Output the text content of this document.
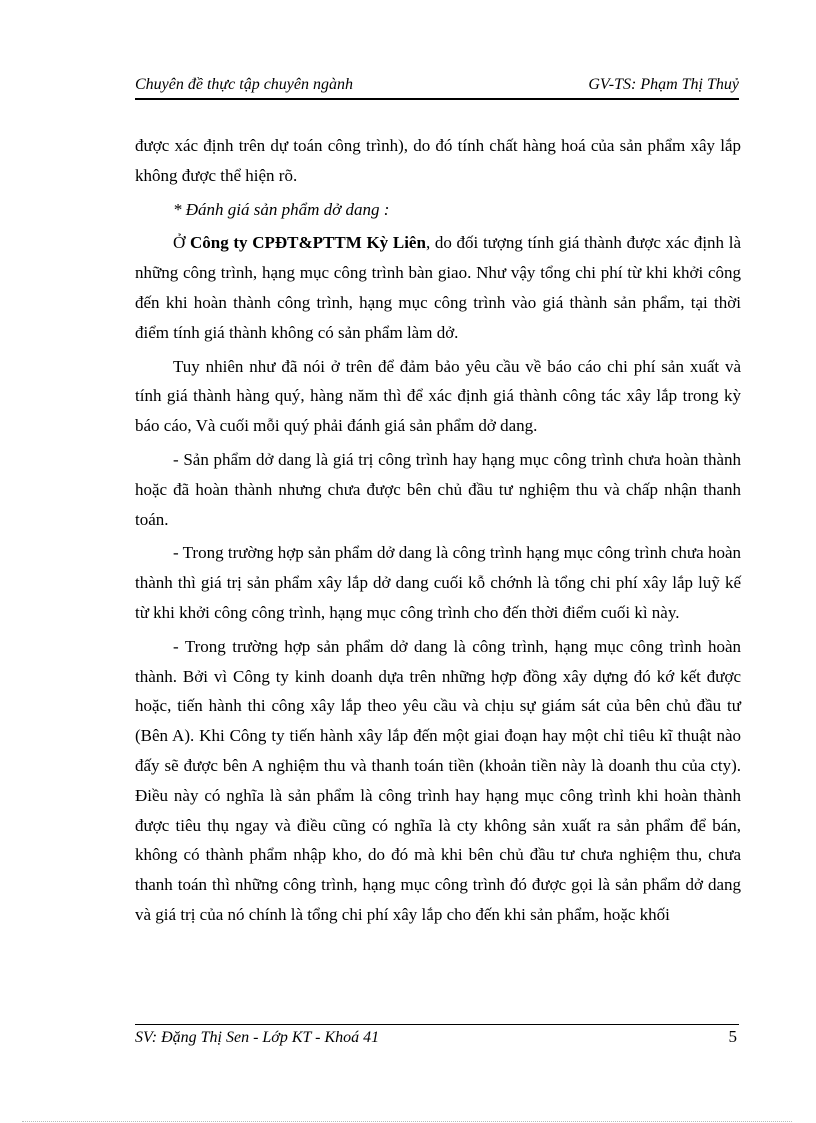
Chuyên đề thực tập chuyên ngành	GV-TS: Phạm Thị Thuỷ

được xác định trên dự toán công trình), do đó tính chất hàng hoá của sản phẩm xây lắp không được thể hiện rõ.

* Đánh giá sản phẩm dở dang :

Ở Công ty CPĐT&PTTM Kỳ Liên, do đối tượng tính giá thành được xác định là những công trình, hạng mục công trình bàn giao. Như vậy tổng chi phí từ khi khởi công đến khi hoàn thành công trình, hạng mục công trình vào giá thành sản phẩm, tại thời điểm tính giá thành không có sản phẩm làm dở.

Tuy nhiên như đã nói ở trên để đảm bảo yêu cầu về báo cáo chi phí sản xuất và tính giá thành hàng quý, hàng năm thì để xác định giá thành công tác xây lắp trong kỳ báo cáo, Và cuối mỗi quý phải đánh giá sản phẩm dở dang.

- Sản phẩm dở dang là giá trị công trình hay hạng mục công trình chưa hoàn thành hoặc đã hoàn thành nhưng chưa được bên chủ đầu tư nghiệm thu và chấp nhận thanh toán.

- Trong trường hợp sản phẩm dở dang là công trình hạng mục công trình chưa hoàn thành thì giá trị sản phẩm xây lắp dở dang cuối kỗ chớnh là tổng chi phí xây lắp luỹ kế từ khi khởi công công trình, hạng mục công trình cho đến thời điểm cuối kì này.

- Trong trường hợp sản phẩm dở dang là công trình, hạng mục công trình hoàn thành. Bởi vì Công ty kinh doanh dựa trên những hợp đồng xây dựng đó kớ kết được hoặc, tiến hành thi công xây lắp theo yêu cầu và chịu sự giám sát của bên chủ đầu tư (Bên A). Khi Công ty tiến hành xây lắp đến một giai đoạn hay một chỉ tiêu kĩ thuật nào đấy sẽ được bên A nghiệm thu và thanh toán tiền (khoản tiền này là doanh thu của cty). Điều này có nghĩa là sản phẩm là công trình hay hạng mục công trình khi hoàn thành được tiêu thụ ngay và điều cũng có nghĩa là cty không sản xuất ra sản phẩm để bán, không có thành phẩm nhập kho, do đó mà khi bên chủ đầu tư chưa nghiệm thu, chưa thanh toán thì những công trình, hạng mục công trình đó được gọi là sản phẩm dở dang và giá trị của nó chính là tổng chi phí xây lắp cho đến khi sản phẩm, hoặc khối

SV: Đặng Thị Sen - Lớp KT - Khoá 41	5
